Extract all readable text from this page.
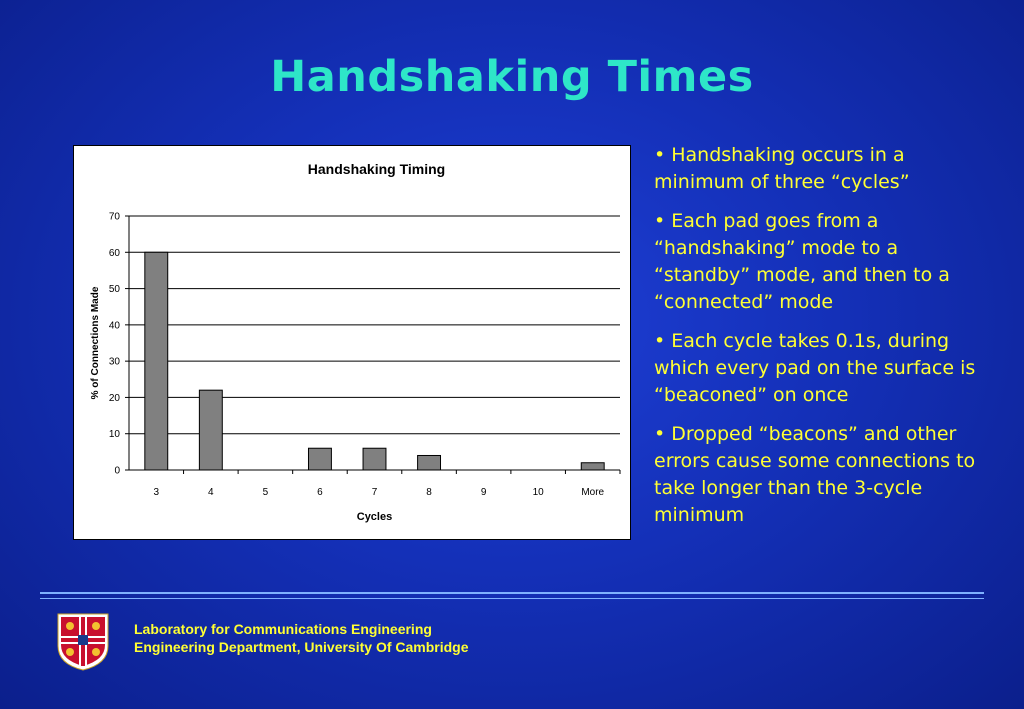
Handshaking Times
Handshaking Timing
0
10
20
30
40
50
60
70
3	4	5	6	7	8	9	10	More
Cycles
% of Connections Made

• Handshaking occurs in a minimum of three “cycles”

• Each pad goes from a “handshaking” mode to a “standby” mode, and then to a “connected” mode

• Each cycle takes 0.1s, during which every pad on the surface is “beaconed” on once

• Dropped “beacons” and other errors cause some connections to take longer than the 3-cycle minimum

Laboratory for Communications Engineering
Engineering Department, University Of Cambridge
